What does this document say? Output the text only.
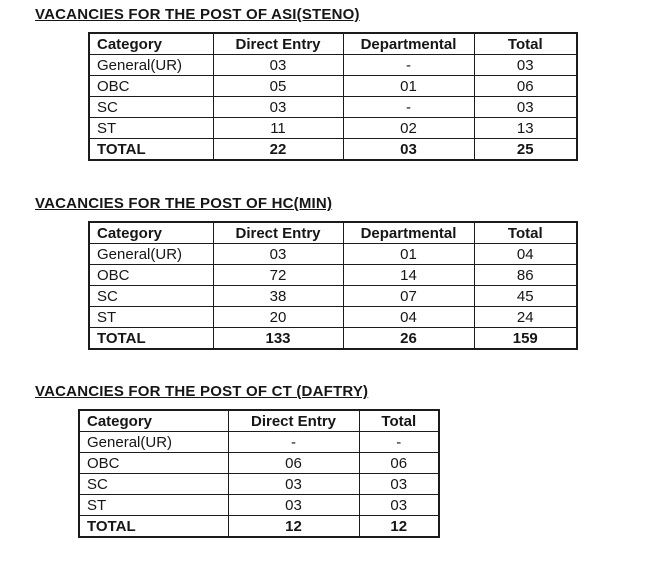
VACANCIES FOR THE POST OF ASI(STENO)
Category	Direct Entry	Departmental	Total
General(UR)	03	-	03
OBC	05	01	06
SC	03	-	03
ST	11	02	13
TOTAL	22	03	25
VACANCIES FOR THE POST OF HC(MIN)
Category	Direct Entry	Departmental	Total
General(UR)	03	01	04
OBC	72	14	86
SC	38	07	45
ST	20	04	24
TOTAL	133	26	159
VACANCIES FOR THE POST OF CT (DAFTRY)
Category	Direct Entry	Total
General(UR)	-	-
OBC	06	06
SC	03	03
ST	03	03
TOTAL	12	12
